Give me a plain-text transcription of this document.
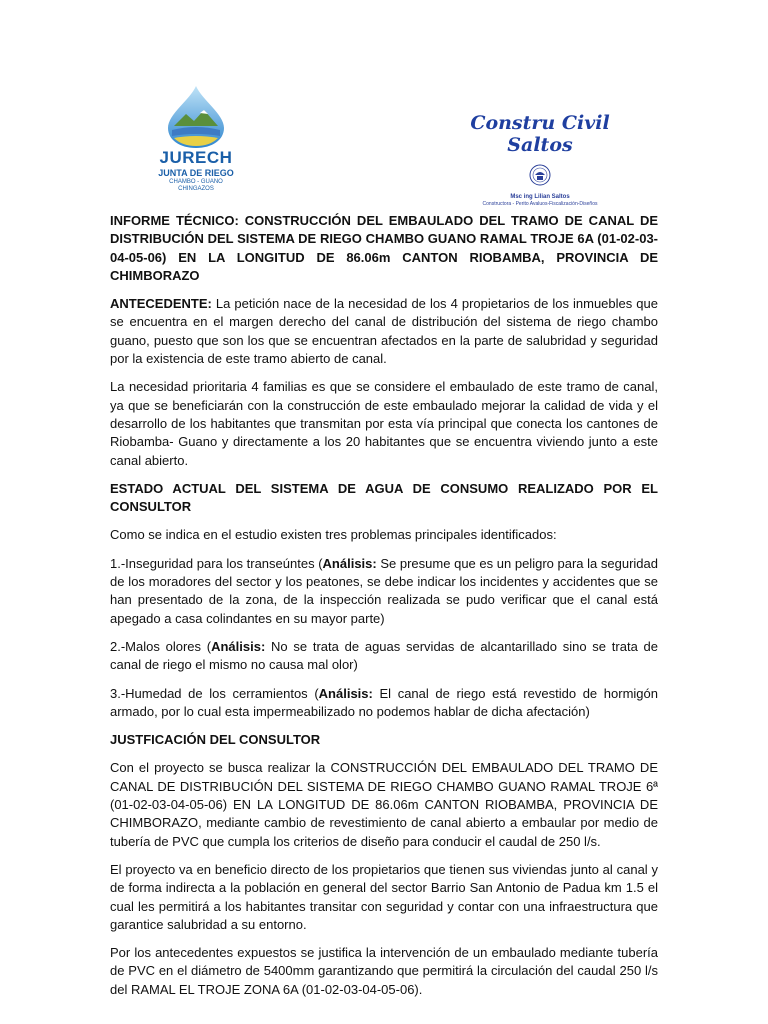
JURECH
JUNTA DE RIEGO
CHAMBO - GUANO
CHINGAZOS
Constru Civil Saltos
Msc ing Lilian Saltos
Constructora - Perito Avaluos-Fiscalización-Diseños

INFORME TÉCNICO: CONSTRUCCIÓN DEL EMBAULADO DEL TRAMO DE CANAL DE DISTRIBUCIÓN DEL SISTEMA DE RIEGO CHAMBO GUANO RAMAL TROJE 6A (01-02-03-04-05-06) EN LA LONGITUD DE 86.06m CANTON RIOBAMBA, PROVINCIA DE CHIMBORAZO

ANTECEDENTE: La petición nace de la necesidad de los 4 propietarios de los inmuebles que se encuentra en el margen derecho del canal de distribución del sistema de riego chambo guano, puesto que son los que se encuentran afectados en la parte de salubridad y seguridad por la existencia de este tramo abierto de canal.

La necesidad prioritaria 4 familias es que se considere el embaulado de este tramo de canal, ya que se beneficiarán con la construcción de este embaulado mejorar la calidad de vida y el desarrollo de los habitantes que transmitan por esta vía principal que conecta los cantones de Riobamba- Guano y directamente a los 20 habitantes que se encuentra viviendo junto a este canal abierto.

ESTADO ACTUAL DEL SISTEMA DE AGUA DE CONSUMO REALIZADO POR EL CONSULTOR

Como se indica en el estudio existen tres problemas principales identificados:

1.-Inseguridad para los transeúntes (Análisis: Se presume que es un peligro para la seguridad de los moradores del sector y los peatones, se debe indicar los incidentes y accidentes que se han presentado de la zona, de la inspección realizada se pudo verificar que el canal está apegado a casa colindantes en su mayor parte)

2.-Malos olores (Análisis: No se trata de aguas servidas de alcantarillado sino se trata de canal de riego el mismo no causa mal olor)

3.-Humedad de los cerramientos (Análisis: El canal de riego está revestido de hormigón armado, por lo cual esta impermeabilizado no podemos hablar de dicha afectación)

JUSTFICACIÓN DEL CONSULTOR

Con el proyecto se busca realizar la CONSTRUCCIÓN DEL EMBAULADO DEL TRAMO DE CANAL DE DISTRIBUCIÓN DEL SISTEMA DE RIEGO CHAMBO GUANO RAMAL TROJE 6ª (01-02-03-04-05-06) EN LA LONGITUD DE 86.06m CANTON RIOBAMBA, PROVINCIA DE CHIMBORAZO, mediante cambio de revestimiento de canal abierto a embaular por medio de tubería de PVC que cumpla los criterios de diseño para conducir el caudal de 250 l/s.

El proyecto va en beneficio directo de los propietarios que tienen sus viviendas junto al canal y de forma indirecta a la población en general del sector Barrio San Antonio de Padua km 1.5 el cual les permitirá a los habitantes transitar con seguridad y contar con una infraestructura que garantice salubridad a su entorno.

Por los antecedentes expuestos se justifica la intervención de un embaulado mediante tubería de PVC en el diámetro de 5400mm garantizando que permitirá la circulación del caudal 250 l/s del RAMAL EL TROJE ZONA 6A (01-02-03-04-05-06).
